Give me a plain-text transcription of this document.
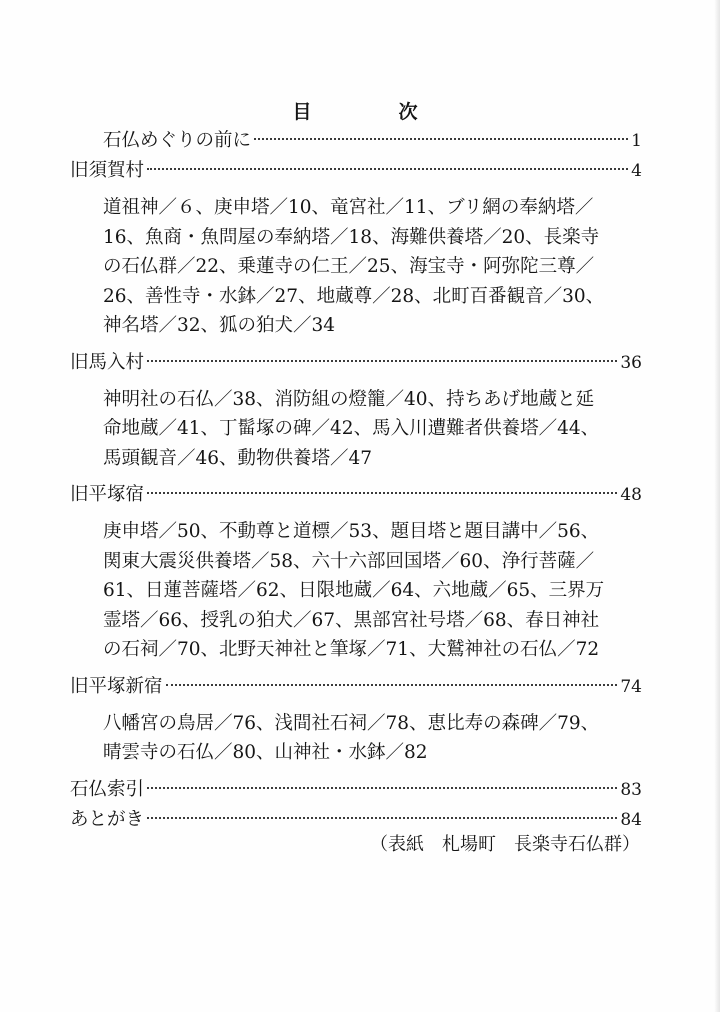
目　次
石仏めぐりの前に	1
旧須賀村	4
道祖神／６、庚申塔／10、竜宮社／11、ブリ網の奉納塔／
16、魚商・魚問屋の奉納塔／18、海難供養塔／20、長楽寺
の石仏群／22、乗蓮寺の仁王／25、海宝寺・阿弥陀三尊／
26、善性寺・水鉢／27、地蔵尊／28、北町百番観音／30、
神名塔／32、狐の狛犬／34
旧馬入村	36
神明社の石仏／38、消防組の燈籠／40、持ちあげ地蔵と延
命地蔵／41、丁髷塚の碑／42、馬入川遭難者供養塔／44、
馬頭観音／46、動物供養塔／47
旧平塚宿	48
庚申塔／50、不動尊と道標／53、題目塔と題目講中／56、
関東大震災供養塔／58、六十六部回国塔／60、浄行菩薩／
61、日蓮菩薩塔／62、日限地蔵／64、六地蔵／65、三界万
霊塔／66、授乳の狛犬／67、黒部宮社号塔／68、春日神社
の石祠／70、北野天神社と筆塚／71、大鷲神社の石仏／72
旧平塚新宿	74
八幡宮の鳥居／76、浅間社石祠／78、恵比寿の森碑／79、
晴雲寺の石仏／80、山神社・水鉢／82
石仏索引	83
あとがき	84
（表紙　札場町　長楽寺石仏群）
